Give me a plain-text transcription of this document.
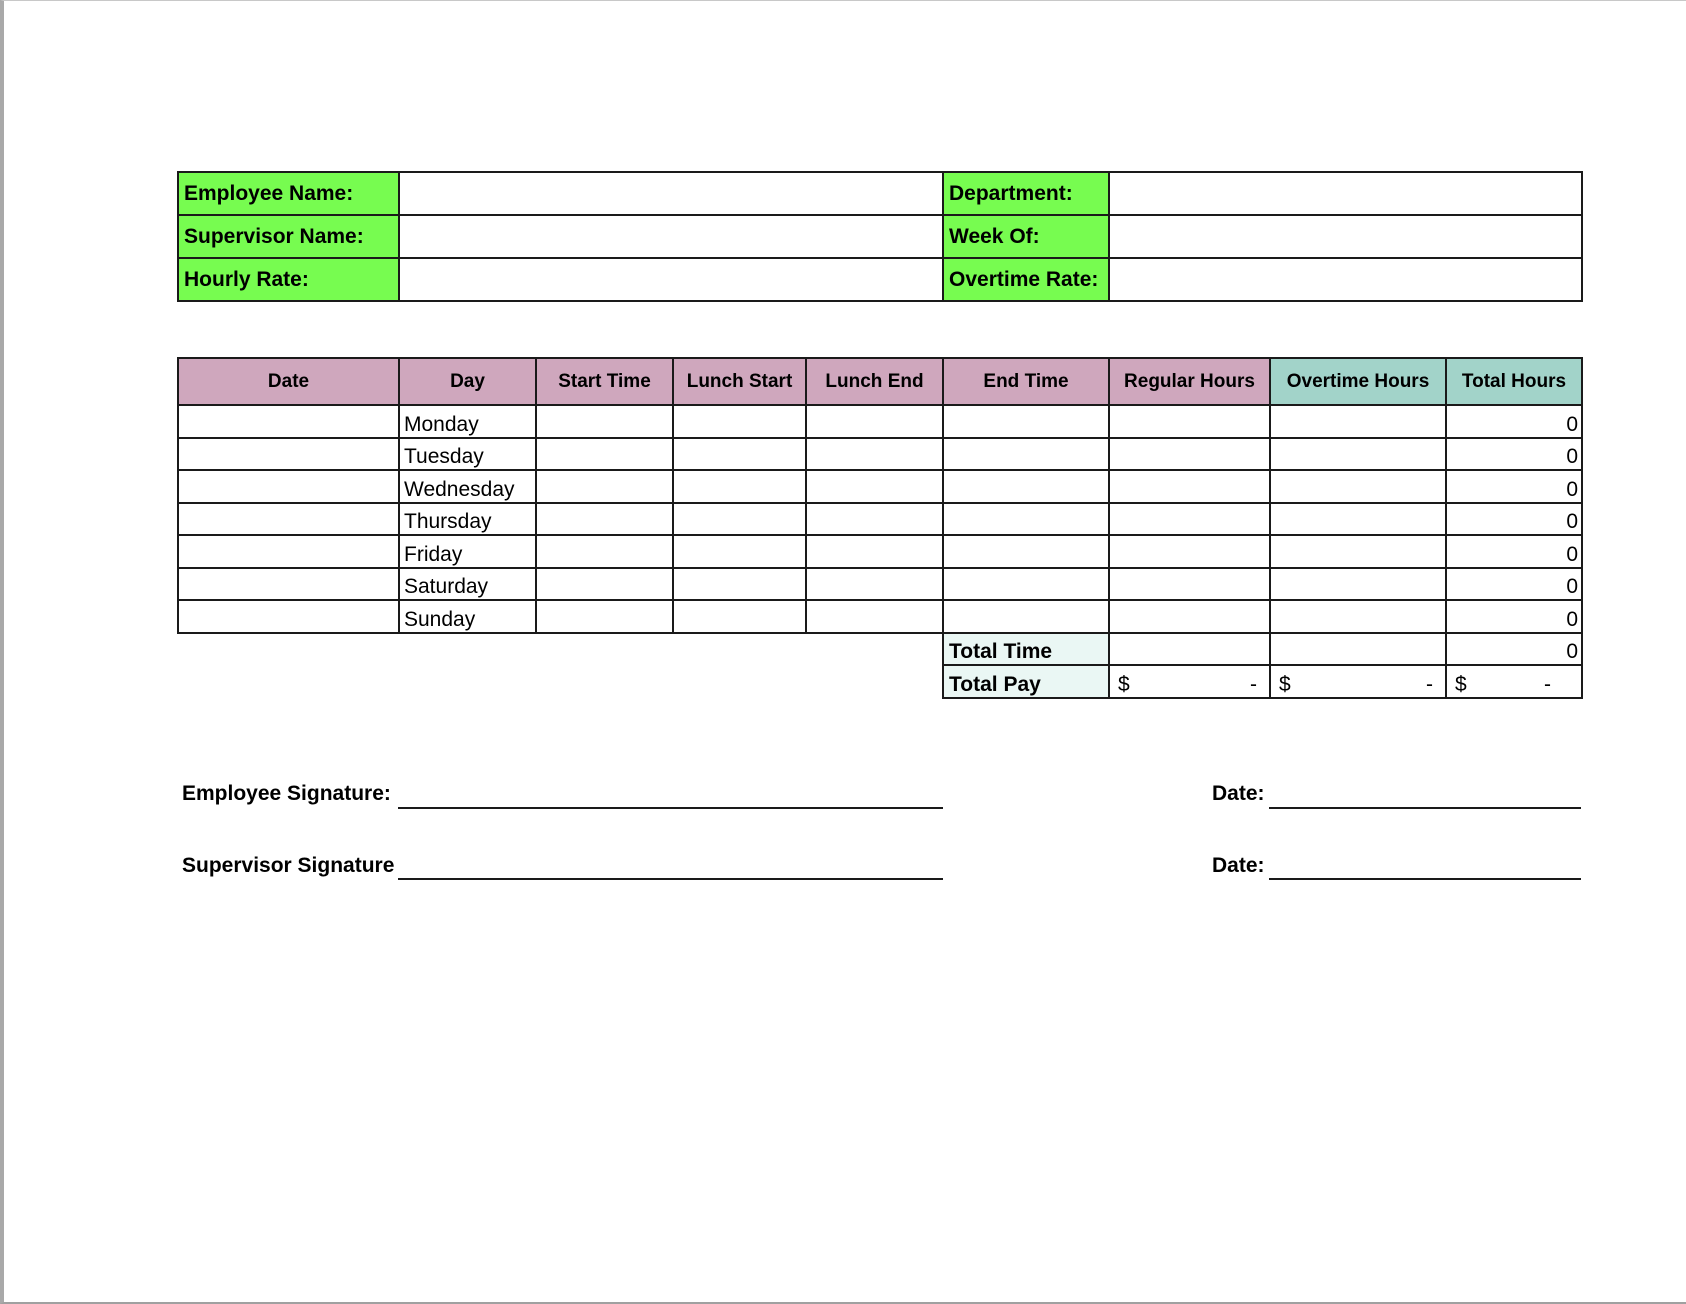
Employee Name:		Department:	
Supervisor Name:		Week Of:	
Hourly Rate:		Overtime Rate:	
Date	Day	Start Time	Lunch Start	Lunch End	End Time	Regular Hours	Overtime Hours	Total Hours
	Monday							0
	Tuesday							0
	Wednesday							0
	Thursday							0
	Friday							0
	Saturday							0
	Sunday							0
					Total Time			0
					Total Pay	$ -	$ -	$ -
Employee Signature:	Date:
Supervisor Signature	Date:
